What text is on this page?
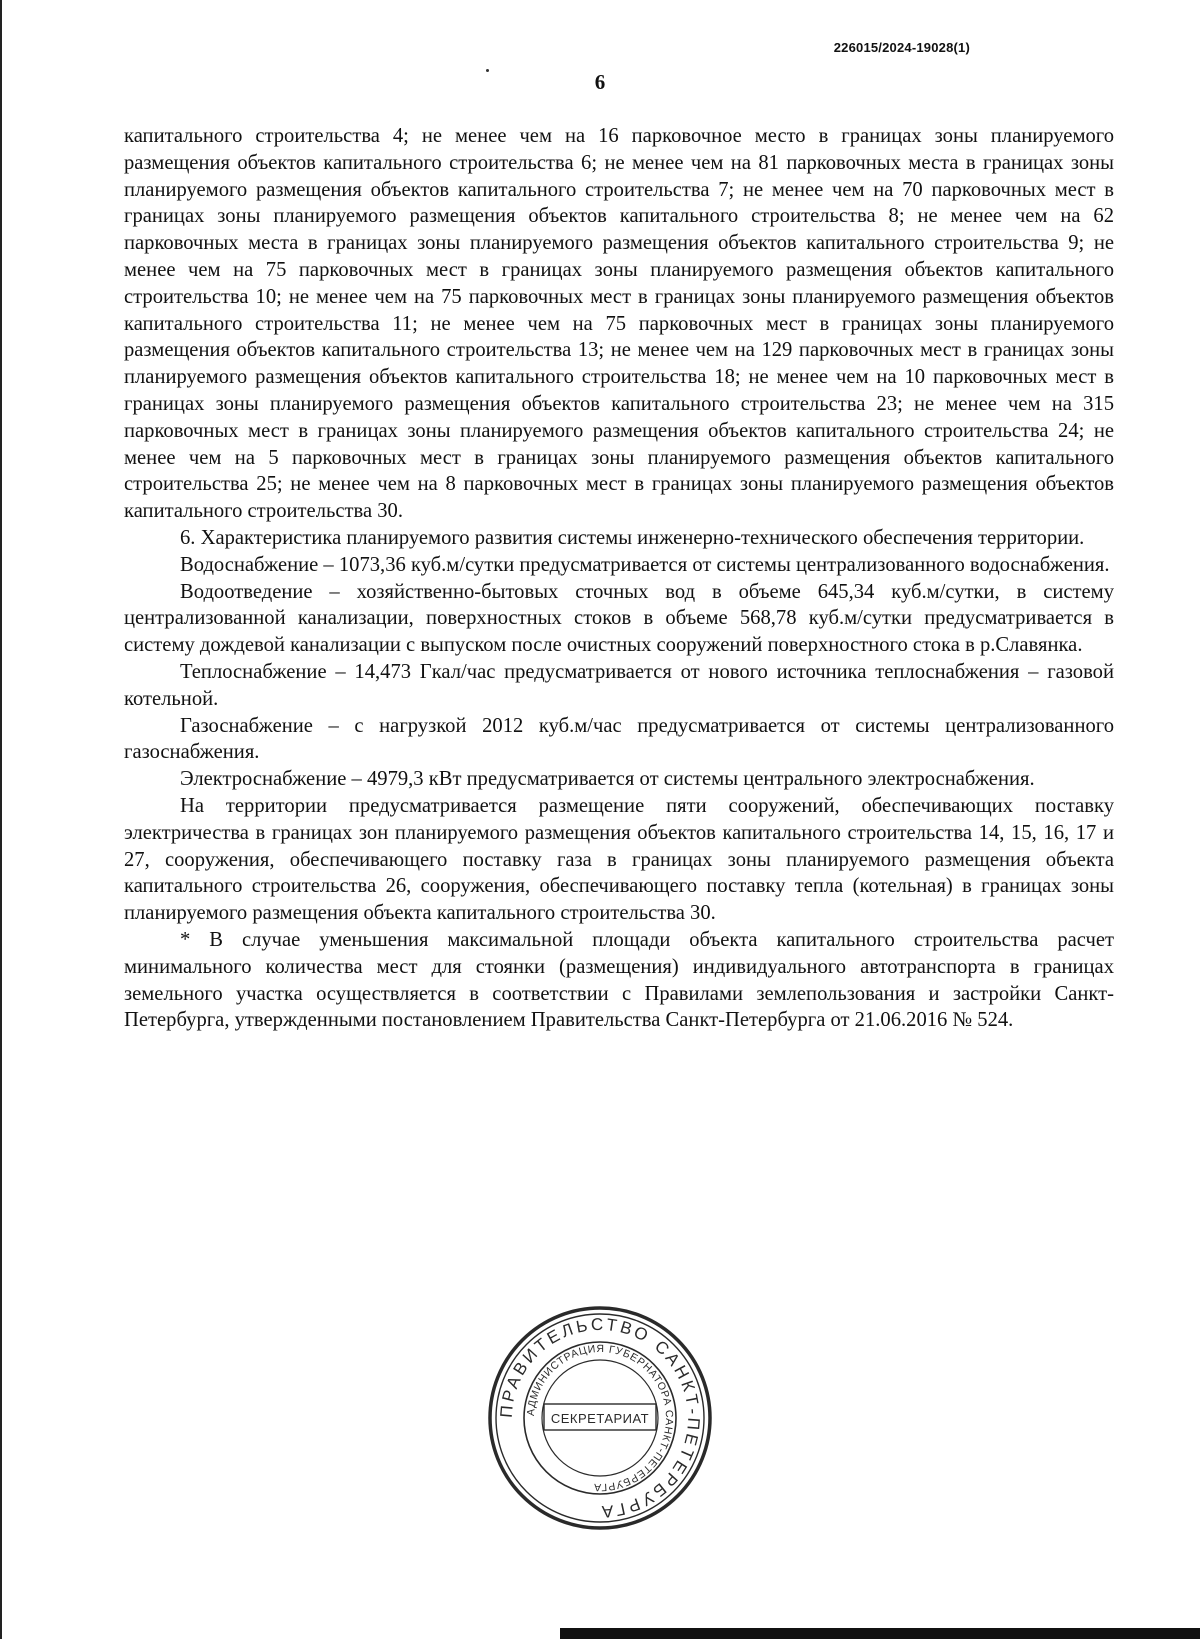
226015/2024-19028(1)
6

капитального строительства 4; не менее чем на 16 парковочное место в границах зоны планируемого размещения объектов капитального строительства 6; не менее чем на 81 парковочных места в границах зоны планируемого размещения объектов капитального строительства 7; не менее чем на 70 парковочных мест в границах зоны планируемого размещения объектов капитального строительства 8; не менее чем на 62 парковочных места в границах зоны планируемого размещения объектов капитального строительства 9; не менее чем на 75 парковочных мест в границах зоны планируемого размещения объектов капитального строительства 10; не менее чем на 75 парковочных мест в границах зоны планируемого размещения объектов капитального строительства 11; не менее чем на 75 парковочных мест в границах зоны планируемого размещения объектов капитального строительства 13; не менее чем на 129 парковочных мест в границах зоны планируемого размещения объектов капитального строительства 18; не менее чем на 10 парковочных мест в границах зоны планируемого размещения объектов капитального строительства 23; не менее чем на 315 парковочных мест в границах зоны планируемого размещения объектов капитального строительства 24; не менее чем на 5 парковочных мест в границах зоны планируемого размещения объектов капитального строительства 25; не менее чем на 8 парковочных мест в границах зоны планируемого размещения объектов капитального строительства 30.

6. Характеристика планируемого развития системы инженерно-технического обеспечения территории.

Водоснабжение – 1073,36 куб.м/сутки предусматривается от системы централизованного водоснабжения.

Водоотведение – хозяйственно-бытовых сточных вод в объеме 645,34 куб.м/сутки, в систему централизованной канализации, поверхностных стоков в объеме 568,78 куб.м/сутки предусматривается в систему дождевой канализации с выпуском после очистных сооружений поверхностного стока в р.Славянка.

Теплоснабжение – 14,473 Гкал/час предусматривается от нового источника теплоснабжения – газовой котельной.

Газоснабжение – с нагрузкой 2012 куб.м/час предусматривается от системы централизованного газоснабжения.

Электроснабжение – 4979,3 кВт предусматривается от системы центрального электроснабжения.

На территории предусматривается размещение пяти сооружений, обеспечивающих поставку электричества в границах зон планируемого размещения объектов капитального строительства 14, 15, 16, 17 и 27, сооружения, обеспечивающего поставку газа в границах зоны планируемого размещения объекта капитального строительства 26, сооружения, обеспечивающего поставку тепла (котельная) в границах зоны планируемого размещения объекта капитального строительства 30.

* В случае уменьшения максимальной площади объекта капитального строительства расчет минимального количества мест для стоянки (размещения) индивидуального автотранспорта в границах земельного участка осуществляется в соответствии с Правилами землепользования и застройки Санкт-Петербурга, утвержденными постановлением Правительства Санкт-Петербурга от 21.06.2016 № 524.

ПРАВИТЕЛЬСТВО САНКТ-ПЕТЕРБУРГА
АДМИНИСТРАЦИЯ ГУБЕРНАТОРА САНКТ-ПЕТЕРБУРГА
СЕКРЕТАРИАТ
